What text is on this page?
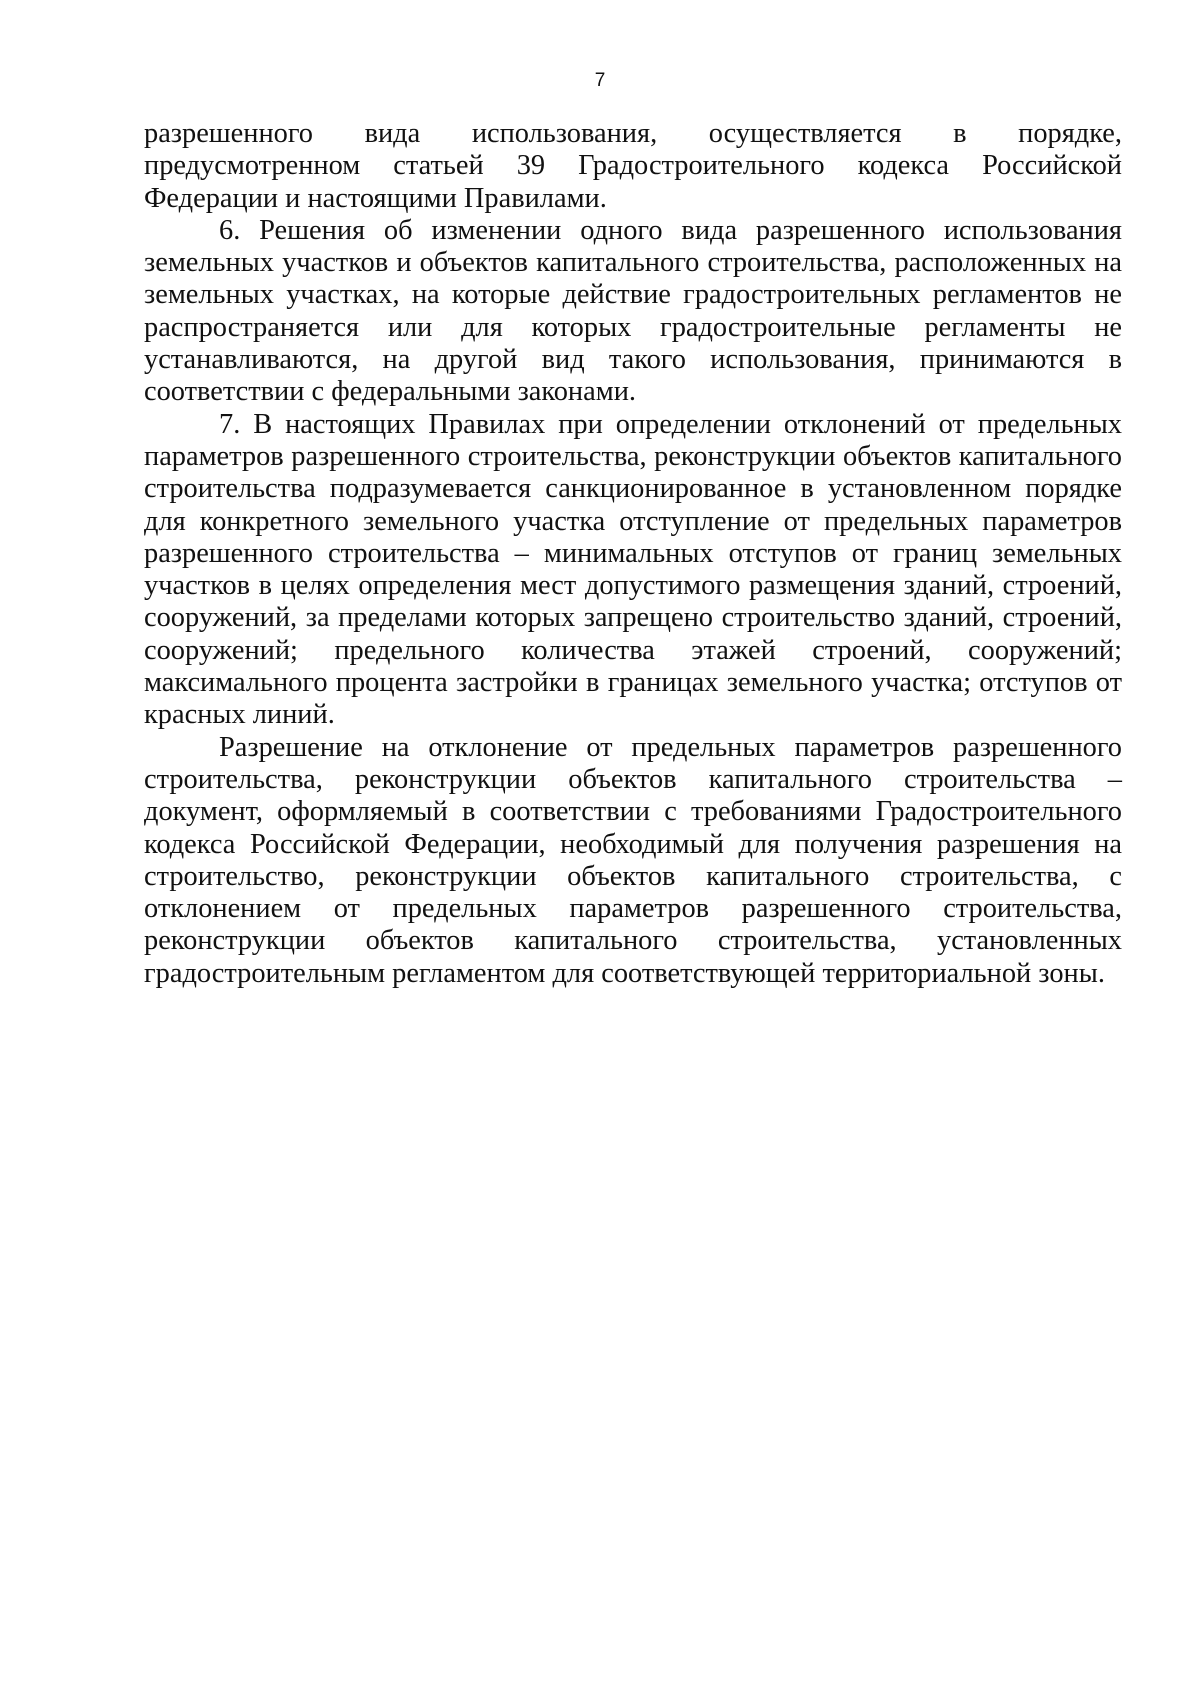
7

разрешенного вида использования, осуществляется в порядке, предусмотренном статьей 39 Градостроительного кодекса Российской Федерации и настоящими Правилами.

6. Решения об изменении одного вида разрешенного использования земельных участков и объектов капитального строительства, расположенных на земельных участках, на которые действие градостроительных регламентов не распространяется или для которых градостроительные регламенты не устанавливаются, на другой вид такого использования, принимаются в соответствии с федеральными законами.

7. В настоящих Правилах при определении отклонений от предельных параметров разрешенного строительства, реконструкции объектов капитального строительства подразумевается санкционированное в установленном порядке для конкретного земельного участка отступление от предельных параметров разрешенного строительства – минимальных отступов от границ земельных участков в целях определения мест допустимого размещения зданий, строений, сооружений, за пределами которых запрещено строительство зданий, строений, сооружений; предельного количества этажей строений, сооружений; максимального процента застройки в границах земельного участка; отступов от красных линий.

Разрешение на отклонение от предельных параметров разрешенного строительства, реконструкции объектов капитального строительства – документ, оформляемый в соответствии с требованиями Градостроительного кодекса Российской Федерации, необходимый для получения разрешения на строительство, реконструкции объектов капитального строительства, с отклонением от предельных параметров разрешенного строительства, реконструкции объектов капитального строительства, установленных градостроительным регламентом для соответствующей территориальной зоны.
